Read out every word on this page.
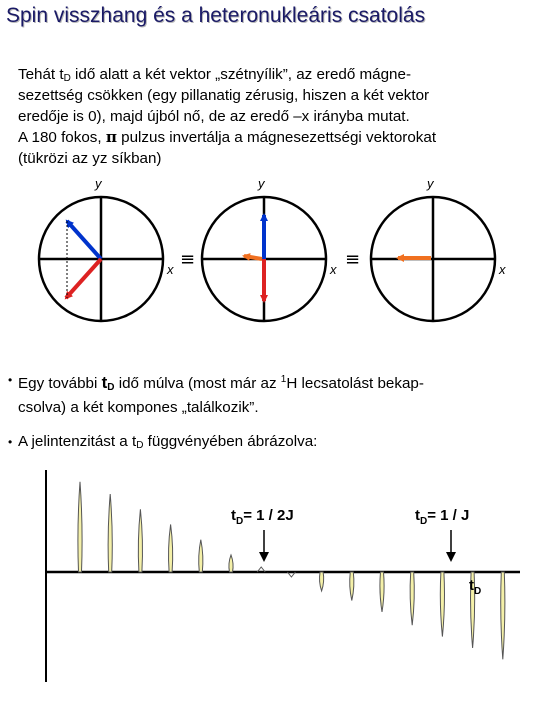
Spin visszhang és a heteronukleáris csatolás
Tehát $t_D$ idő alatt a két vektor „szétnyílik”, az eredő mágne-
sezettség csökken (egy pillanatig zérusig, hiszen a két vektor
eredője is 0), majd újból nő, de az eredő –x irányba mutat.
A 180 fokos, π pulzus invertálja a mágnesezettségi vektorokat
(tükrözi az yz síkban)
y
x ≡
y
x ≡
y
x
• Egy további $t_D$ idő múlva (most már az $^1$H lecsatolást bekap-
csolva) a két kompones „találkozik”.
• A jelintenzitást a $t_D$ függvényében ábrázolva:
$t_D= 1 / 2J$	$t_D= 1 / J$
$t_D$
